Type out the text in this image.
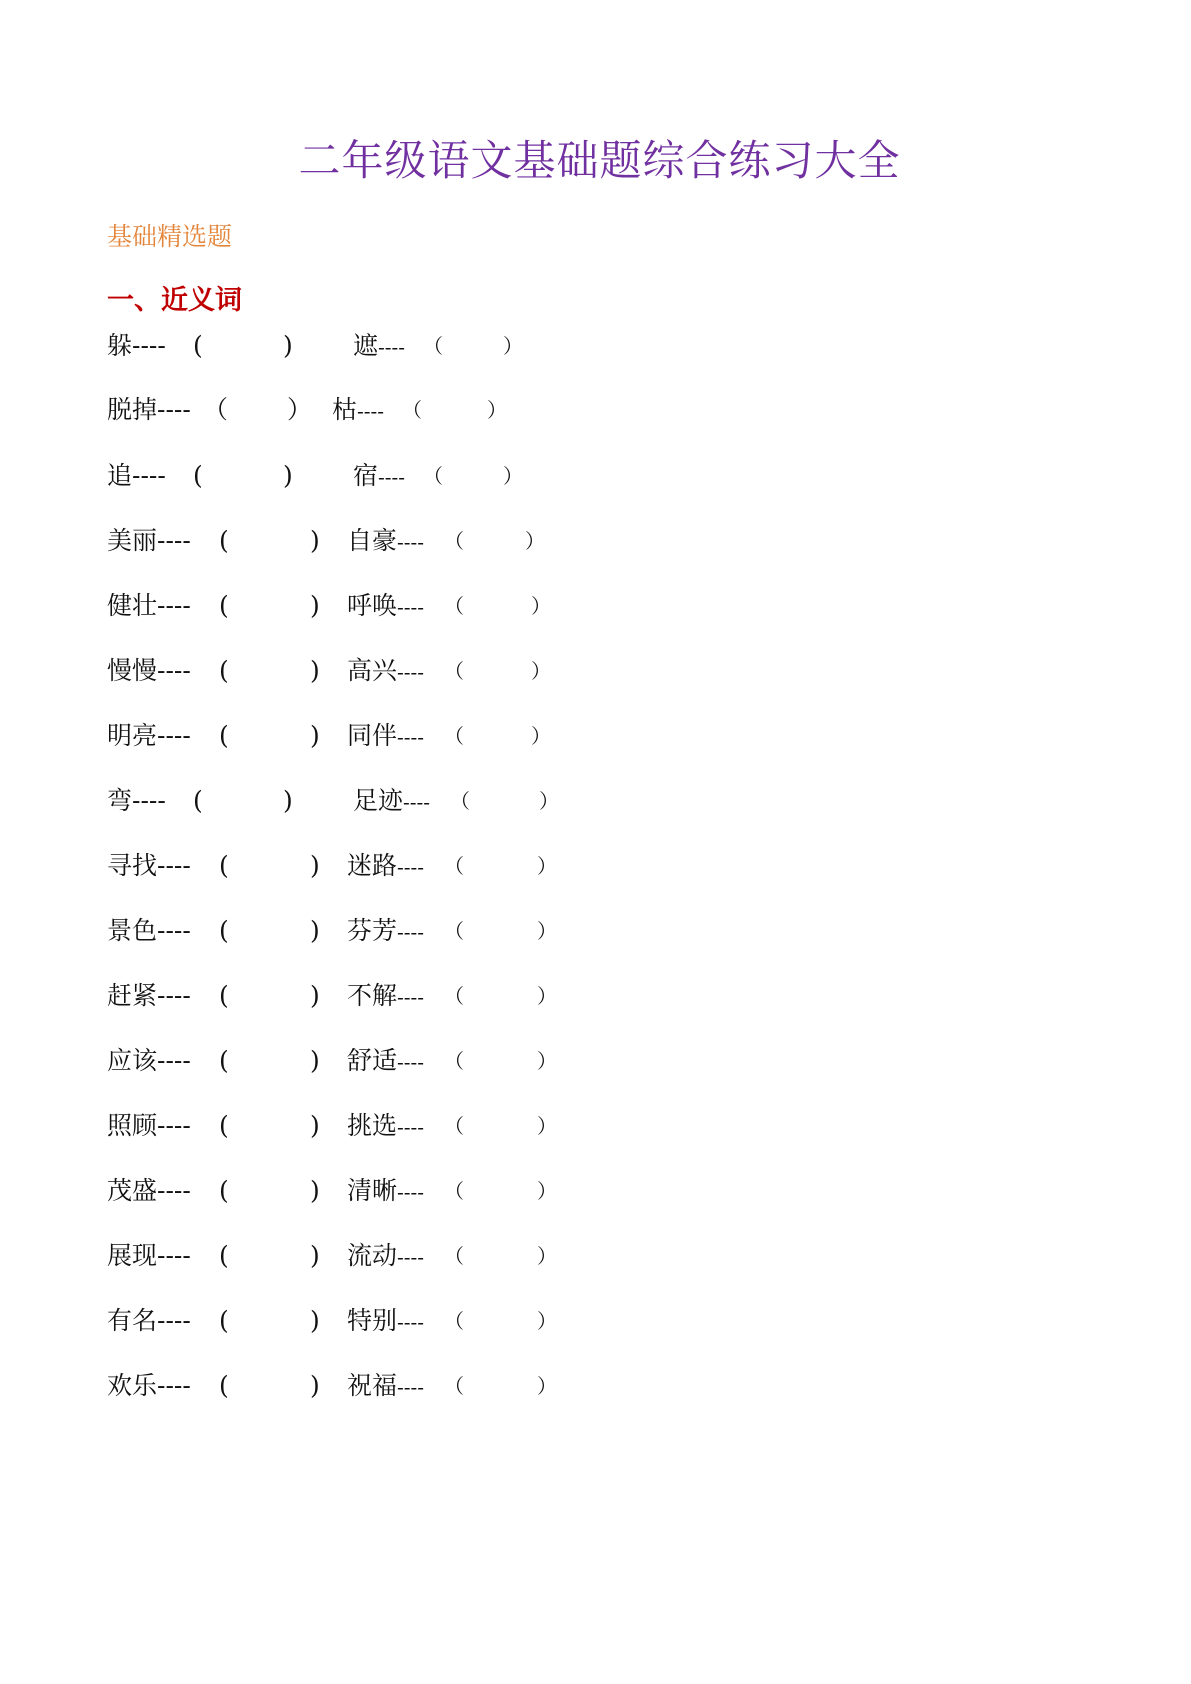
二年级语文基础题综合练习大全
基础精选题
一、近义词
躲---- (	) 遮---- （	）
脱掉---- （ ） 枯---- （	）
追---- (	) 宿---- （	）
美丽---- (	) 自豪---- （	）
健壮---- (	) 呼唤---- （	）
慢慢---- (	) 高兴---- （	）
明亮---- (	) 同伴---- （	）
弯---- (	) 足迹---- （	）
寻找---- (	) 迷路---- （	）
景色---- (	) 芬芳---- （	）
赶紧---- (	) 不解---- （	）
应该---- (	) 舒适---- （	）
照顾---- (	) 挑选---- （	）
茂盛---- (	) 清晰---- （	）
展现---- (	) 流动---- （	）
有名---- (	) 特别---- （	）
欢乐---- (	) 祝福---- （	）
